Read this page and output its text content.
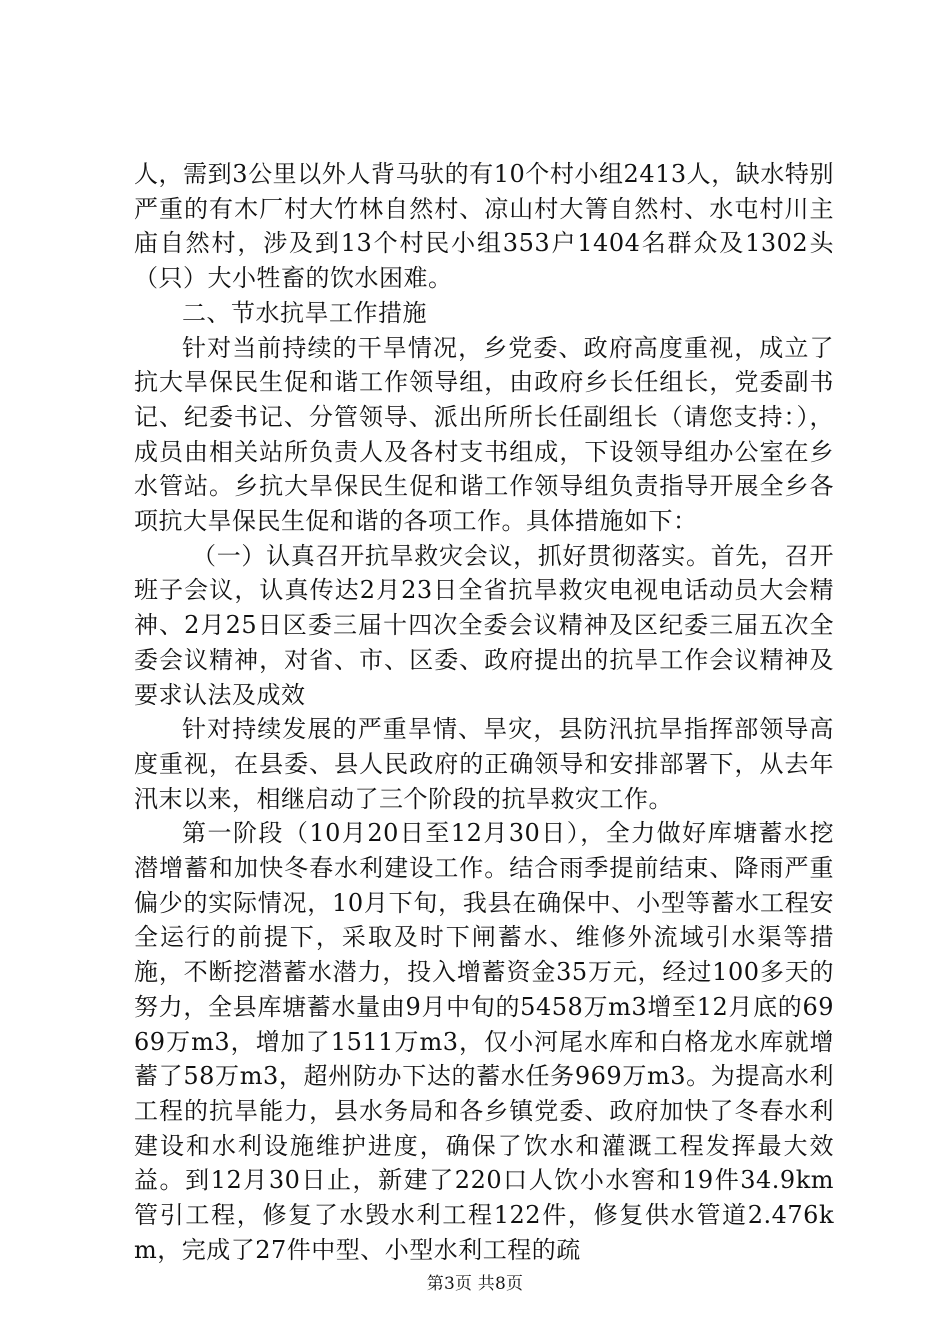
人，需到3公里以外人背马驮的有10个村小组2413人，缺水特别严重的有木厂村大竹林自然村、凉山村大箐自然村、水屯村川主庙自然村，涉及到13个村民小组353户1404名群众及1302头（只）大小牲畜的饮水困难。

二、节水抗旱工作措施

针对当前持续的干旱情况，乡党委、政府高度重视，成立了抗大旱保民生促和谐工作领导组，由政府乡长任组长，党委副书记、纪委书记、分管领导、派出所所长任副组长（请您支持：），成员由相关站所负责人及各村支书组成，下设领导组办公室在乡水管站。乡抗大旱保民生促和谐工作领导组负责指导开展全乡各项抗大旱保民生促和谐的各项工作。具体措施如下：

（一）认真召开抗旱救灾会议，抓好贯彻落实。首先，召开班子会议，认真传达2月23日全省抗旱救灾电视电话动员大会精神、2月25日区委三届十四次全委会议精神及区纪委三届五次全委会议精神，对省、市、区委、政府提出的抗旱工作会议精神及要求认法及成效

针对持续发展的严重旱情、旱灾，县防汛抗旱指挥部领导高度重视，在县委、县人民政府的正确领导和安排部署下，从去年汛末以来，相继启动了三个阶段的抗旱救灾工作。

第一阶段（10月20日至12月30日），全力做好库塘蓄水挖潜增蓄和加快冬春水利建设工作。结合雨季提前结束、降雨严重偏少的实际情况，10月下旬，我县在确保中、小型等蓄水工程安全运行的前提下，采取及时下闸蓄水、维修外流域引水渠等措施，不断挖潜蓄水潜力，投入增蓄资金35万元，经过100多天的努力，全县库塘蓄水量由9月中旬的5458万m3增至12月底的6969万m3，增加了1511万m3，仅小河尾水库和白格龙水库就增蓄了58万m3，超州防办下达的蓄水任务969万m3。为提高水利工程的抗旱能力，县水务局和各乡镇党委、政府加快了冬春水利建设和水利设施维护进度，确保了饮水和灌溉工程发挥最大效益。到12月30日止，新建了220口人饮小水窖和19件34.9km管引工程，修复了水毁水利工程122件，修复供水管道2.476km，完成了27件中型、小型水利工程的疏

第3页 共8页
